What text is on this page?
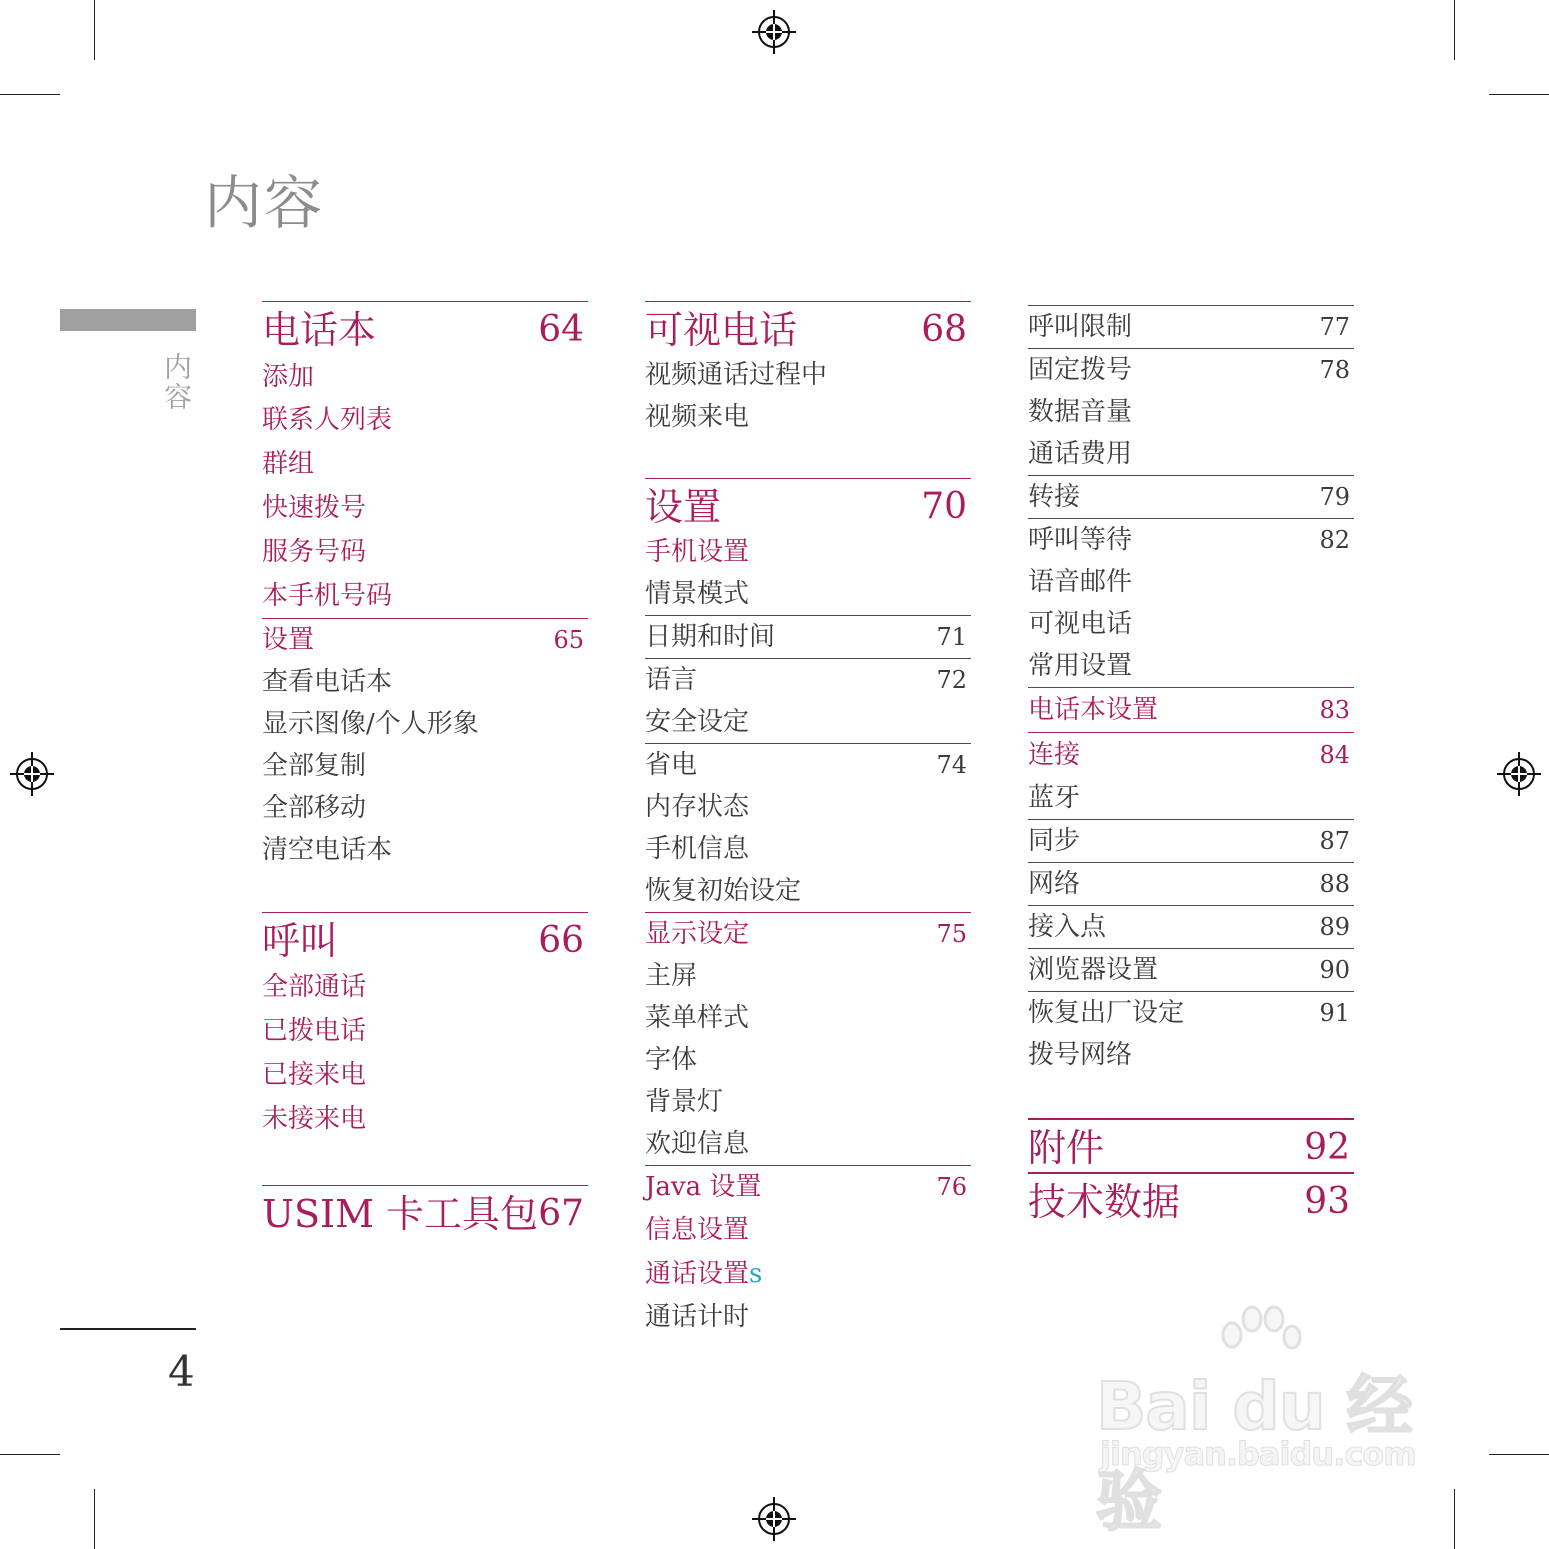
内容
内容
电话本	64
添加
联系人列表
群组
快速拨号
服务号码
本手机号码
设置	65
查看电话本
显示图像/个人形象
全部复制
全部移动
清空电话本
呼叫	66
全部通话
已拨电话
已接来电
未接来电
USIM 卡工具包 67
可视电话	68
视频通话过程中
视频来电
设置	70
手机设置
情景模式
日期和时间	71
语言	72
安全设定
省电	74
内存状态
手机信息
恢复初始设定
显示设定	75
主屏
菜单样式
字体
背景灯
欢迎信息
Java 设置	76
信息设置
通话设置s
通话计时
呼叫限制	77
固定拨号	78
数据音量
通话费用
转接	79
呼叫等待	82
语音邮件
可视电话
常用设置
电话本设置	83
连接	84
蓝牙
同步	87
网络	88
接入点	89
浏览器设置	90
恢复出厂设定	91
拨号网络
附件	92
技术数据	93
4	Bai du 经验
jingyan.baidu.com
